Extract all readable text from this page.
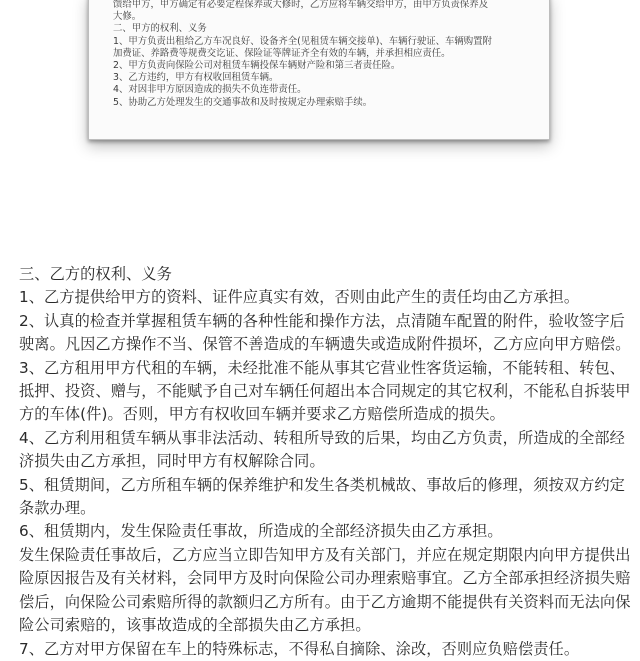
馈给甲方，甲方确定有必要定程保养或大修时，乙方应将车辆交给甲方，由甲方负责保养及
大修。
二、甲方的权利、义务
1、甲方负责出租给乙方车况良好、设备齐全(见租赁车辆交接单)、车辆行驶证、车辆购置附
加费证、养路费等规费交讫证、保险证等牌证齐全有效的车辆，并承担相应责任。
2、甲方负责向保险公司对租赁车辆投保车辆财产险和第三者责任险。
3、乙方违约，甲方有权收回租赁车辆。
4、对因非甲方原因造成的损失不负连带责任。
5、协助乙方处理发生的交通事故和及时按规定办理索赔手续。
三、乙方的权利、义务
1、乙方提供给甲方的资料、证件应真实有效，否则由此产生的责任均由乙方承担。
2、认真的检查并掌握租赁车辆的各种性能和操作方法，点清随车配置的附件，验收签字后
驶离。凡因乙方操作不当、保管不善造成的车辆遗失或造成附件损坏，乙方应向甲方赔偿。
3、乙方租用甲方代租的车辆，未经批准不能从事其它营业性客货运输，不能转租、转包、
抵押、投资、赠与，不能赋予自己对车辆任何超出本合同规定的其它权利，不能私自拆装甲
方的车体(件)。否则，甲方有权收回车辆并要求乙方赔偿所造成的损失。
4、乙方利用租赁车辆从事非法活动、转租所导致的后果，均由乙方负责，所造成的全部经
济损失由乙方承担，同时甲方有权解除合同。
5、租赁期间，乙方所租车辆的保养维护和发生各类机械故、事故后的修理，须按双方约定
条款办理。
6、租赁期内，发生保险责任事故，所造成的全部经济损失由乙方承担。
发生保险责任事故后，乙方应当立即告知甲方及有关部门，并应在规定期限内向甲方提供出
险原因报告及有关材料，会同甲方及时向保险公司办理索赔事宜。乙方全部承担经济损失赔
偿后，向保险公司索赔所得的款额归乙方所有。由于乙方逾期不能提供有关资料而无法向保
险公司索赔的，该事故造成的全部损失由乙方承担。
7、乙方对甲方保留在车上的特殊标志，不得私自摘除、涂改，否则应负赔偿责任。
